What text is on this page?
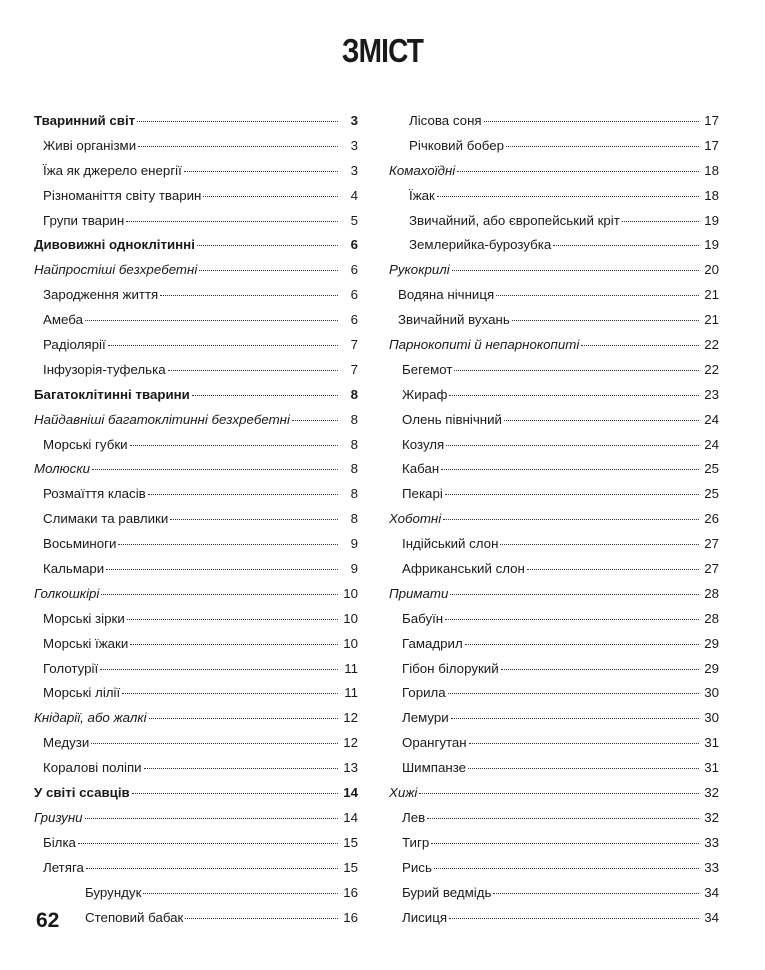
ЗМІСТ
Тваринний світ	3
Живі організми	3
Їжа як джерело енергії	3
Різноманіття світу тварин	4
Групи тварин	5
Дивовижні одноклітинні	6
Найпростіші безхребетні	6
Зародження життя	6
Амеба	6
Радіолярії	7
Інфузорія-туфелька	7
Багатоклітинні тварини	8
Найдавніші багатоклітинні безхребетні	8
Морські губки	8
Молюски	8
Розмаїття класів	8
Слимаки та равлики	8
Восьминоги	9
Кальмари	9
Голкошкірі	10
Морські зірки	10
Морські їжаки	10
Голотурії	11
Морські лілії	11
Кнідарії, або жалкі	12
Медузи	12
Коралові поліпи	13
У світі ссавців	14
Гризуни	14
Білка	15
Летяга	15
Бурундук	16
Степовий бабак	16
Лісова соня	17
Річковий бобер	17
Комахоїдні	18
Їжак	18
Звичайний, або європейський кріт	19
Землерийка-бурозубка	19
Рукокрилі	20
Водяна нічниця	21
Звичайний вухань	21
Парнокопиті й непарнокопиті	22
Бегемот	22
Жираф	23
Олень північний	24
Козуля	24
Кабан	25
Пекарі	25
Хоботні	26
Індійський слон	27
Африканський слон	27
Примати	28
Бабуїн	28
Гамадрил	29
Гібон білорукий	29
Горила	30
Лемури	30
Орангутан	31
Шимпанзе	31
Хижі	32
Лев	32
Тигр	33
Рись	33
Бурий ведмідь	34
Лисиця	34
62
